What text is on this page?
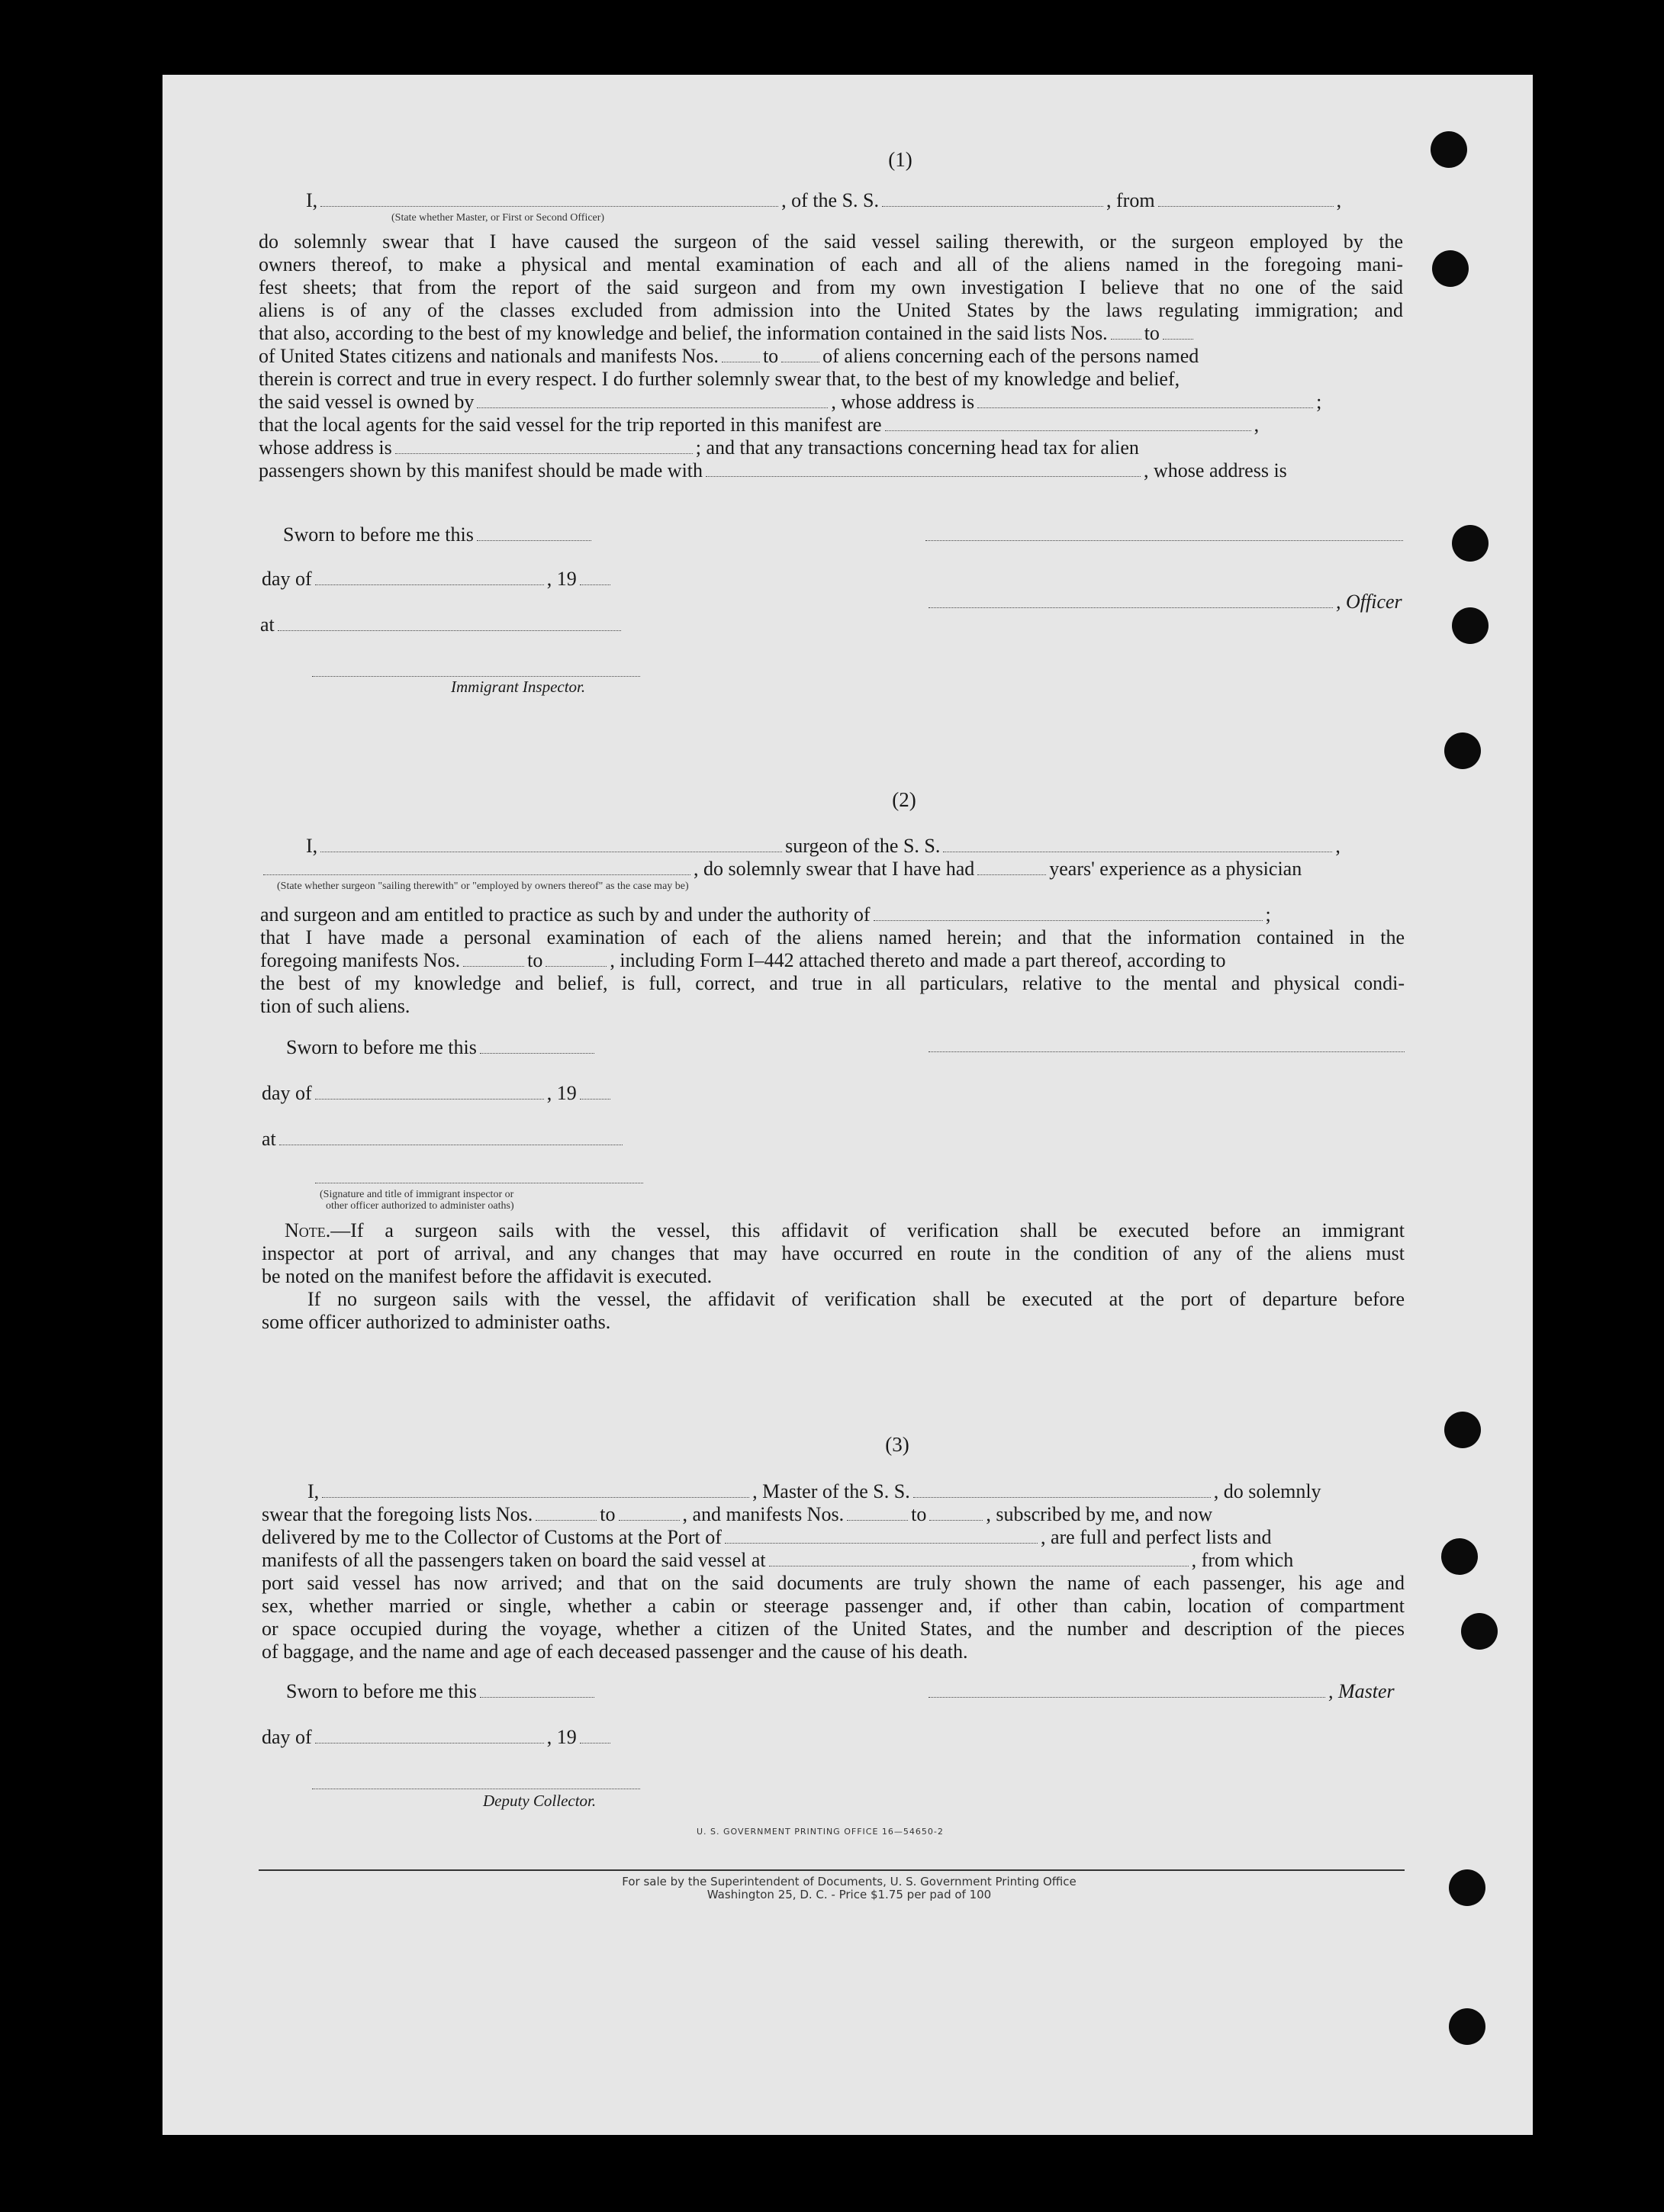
(1)
I,	, of the S. S.	, from	,
(State whether Master, or First or Second Officer)
do solemnly swear that I have caused the surgeon of the said vessel sailing therewith, or the surgeon employed by the
owners thereof, to make a physical and mental examination of each and all of the aliens named in the foregoing mani-
fest sheets; that from the report of the said surgeon and from my own investigation I believe that no one of the said
aliens is of any of the classes excluded from admission into the United States by the laws regulating immigration; and
that also, according to the best of my knowledge and belief, the information contained in the said lists Nos. to
of United States citizens and nationals and manifests Nos. to of aliens concerning each of the persons named
therein is correct and true in every respect. I do further solemnly swear that, to the best of my knowledge and belief,
the said vessel is owned by	, whose address is	;
that the local agents for the said vessel for the trip reported in this manifest are	,
whose address is	; and that any transactions concerning head tax for alien
passengers shown by this manifest should be made with	, whose address is
Sworn to before me this
day of	, 19
, Officer
at
Immigrant Inspector.
(2)
I,	surgeon of the S. S.	,
, do solemnly swear that I have had	years' experience as a physician
(State whether surgeon "sailing therewith" or "employed by owners thereof" as the case may be)
and surgeon and am entitled to practice as such by and under the authority of	;
that I have made a personal examination of each of the aliens named herein; and that the information contained in the
foregoing manifests Nos.	to	, including Form I–442 attached thereto and made a part thereof, according to
the best of my knowledge and belief, is full, correct, and true in all particulars, relative to the mental and physical condi-
tion of such aliens.
Sworn to before me this
day of	, 19
at
(Signature and title of immigrant inspector or
other officer authorized to administer oaths)
Note.—If a surgeon sails with the vessel, this affidavit of verification shall be executed before an immigrant
inspector at port of arrival, and any changes that may have occurred en route in the condition of any of the aliens must
be noted on the manifest before the affidavit is executed.
If no surgeon sails with the vessel, the affidavit of verification shall be executed at the port of departure before
some officer authorized to administer oaths.
(3)
I,	, Master of the S. S.	, do solemnly
swear that the foregoing lists Nos.	to	, and manifests Nos.	to	, subscribed by me, and now
delivered by me to the Collector of Customs at the Port of	, are full and perfect lists and
manifests of all the passengers taken on board the said vessel at	, from which
port said vessel has now arrived; and that on the said documents are truly shown the name of each passenger, his age and
sex, whether married or single, whether a cabin or steerage passenger and, if other than cabin, location of compartment
or space occupied during the voyage, whether a citizen of the United States, and the number and description of the pieces
of baggage, and the name and age of each deceased passenger and the cause of his death.
Sworn to before me this	, Master
day of	, 19
Deputy Collector.
U. S. GOVERNMENT PRINTING OFFICE 16—54650-2
For sale by the Superintendent of Documents, U. S. Government Printing Office
Washington 25, D. C. - Price $1.75 per pad of 100
